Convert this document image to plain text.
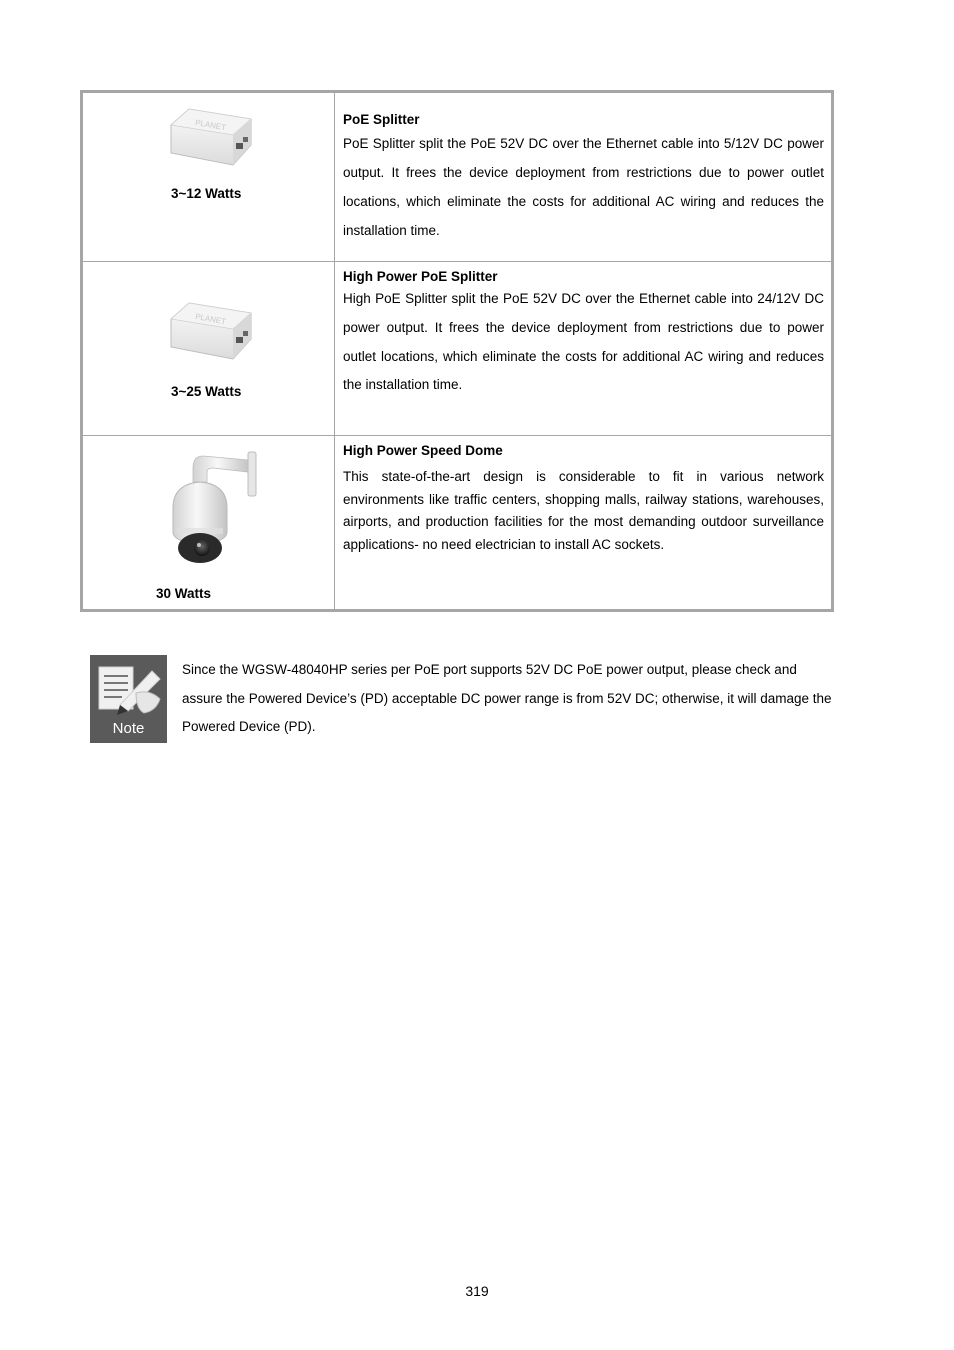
PLANET
3~12 Watts
PoE Splitter
PoE Splitter split the PoE 52V DC over the Ethernet cable into 5/12V DC power output. It frees the device deployment from restrictions due to power outlet locations, which eliminate the costs for additional AC wiring and reduces the installation time.
PLANET
3~25 Watts
High Power PoE Splitter
High PoE Splitter split the PoE 52V DC over the Ethernet cable into 24/12V DC power output. It frees the device deployment from restrictions due to power outlet locations, which eliminate the costs for additional AC wiring and reduces the installation time.
30 Watts
High Power Speed Dome
This state-of-the-art design is considerable to fit in various network environments like traffic centers, shopping malls, railway stations, warehouses, airports, and production facilities for the most demanding outdoor surveillance applications- no need electrician to install AC sockets.
Note
Since the WGSW-48040HP series per PoE port supports 52V DC PoE power output, please check and assure the Powered Device’s (PD) acceptable DC power range is from 52V DC; otherwise, it will damage the Powered Device (PD).
319
